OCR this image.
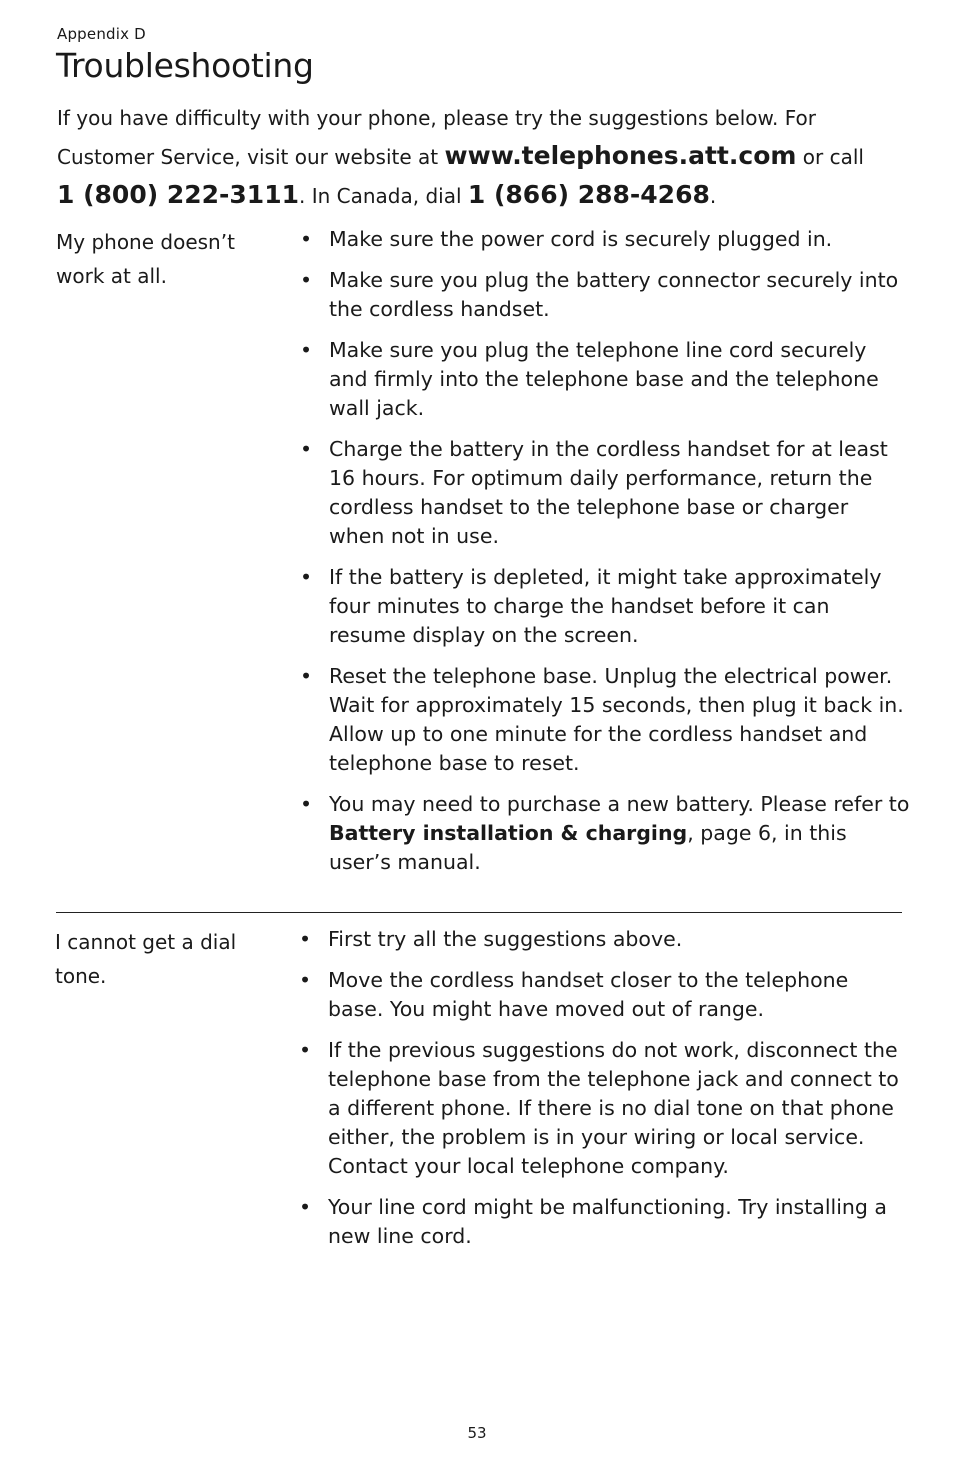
Appendix D
Troubleshooting

If you have difficulty with your phone, please try the suggestions below. For Customer Service, visit our website at www.telephones.att.com or call
1 (800) 222-3111. In Canada, dial 1 (866) 288-4268.

My phone doesn’t work at all.
• Make sure the power cord is securely plugged in.
• Make sure you plug the battery connector securely into the cordless handset.
• Make sure you plug the telephone line cord securely and firmly into the telephone base and the telephone wall jack.
• Charge the battery in the cordless handset for at least 16 hours. For optimum daily performance, return the cordless handset to the telephone base or charger when not in use.
• If the battery is depleted, it might take approximately four minutes to charge the handset before it can resume display on the screen.
• Reset the telephone base. Unplug the electrical power. Wait for approximately 15 seconds, then plug it back in. Allow up to one minute for the cordless handset and telephone base to reset.
• You may need to purchase a new battery. Please refer to Battery installation & charging, page 6, in this user’s manual.
I cannot get a dial tone.
• First try all the suggestions above.
• Move the cordless handset closer to the telephone base. You might have moved out of range.
• If the previous suggestions do not work, disconnect the telephone base from the telephone jack and connect to a different phone. If there is no dial tone on that phone either, the problem is in your wiring or local service. Contact your local telephone company.
• Your line cord might be malfunctioning. Try installing a new line cord.
53
